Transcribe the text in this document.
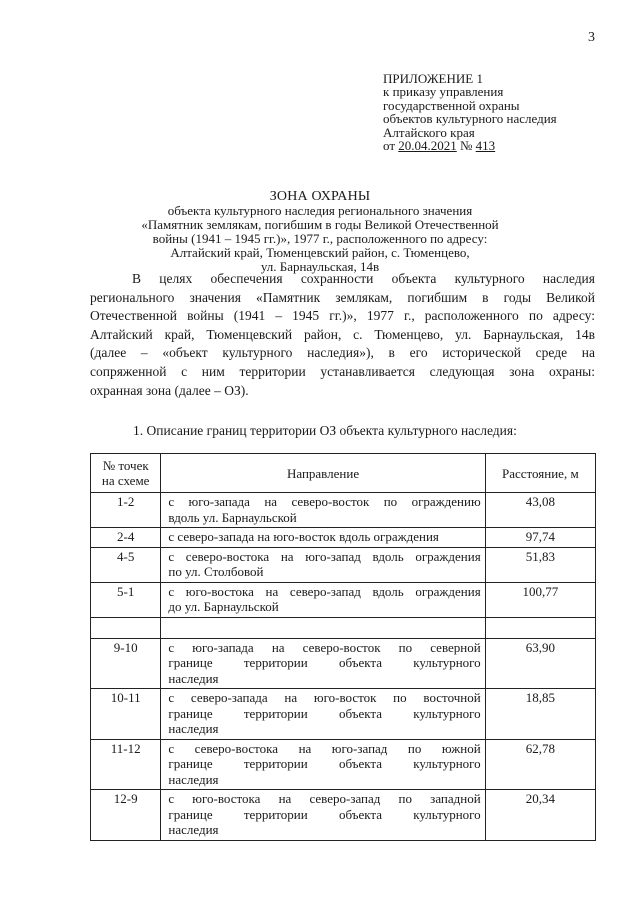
3
ПРИЛОЖЕНИЕ 1
к приказу управления
государственной охраны
объектов культурного наследия
Алтайского края
от 20.04.2021 № 413
ЗОНА ОХРАНЫ
объекта культурного наследия регионального значения
«Памятник землякам, погибшим в годы Великой Отечественной
войны (1941 – 1945 гг.)», 1977 г., расположенного по адресу:
Алтайский край, Тюменцевский район, с. Тюменцево,
ул. Барнаульская, 14в
В целях обеспечения сохранности объекта культурного наследия
регионального значения «Памятник землякам, погибшим в годы Великой
Отечественной войны (1941 – 1945 гг.)», 1977 г., расположенного по адресу:
Алтайский край, Тюменцевский район, с. Тюменцево, ул. Барнаульская, 14в
(далее – «объект культурного наследия»), в его исторической среде на
сопряженной с ним территории устанавливается следующая зона охраны:
охранная зона (далее – ОЗ).
1. Описание границ территории ОЗ объекта культурного наследия:
№ точек
на схеме	Направление	Расстояние, м
1-2	с юго-запада на северо-восток по ограждению
вдоль ул. Барнаульской	43,08
2-4	с северо-запада на юго-восток вдоль ограждения	97,74
4-5	с северо-востока на юго-запад вдоль ограждения
по ул. Столбовой	51,83
5-1	с юго-востока на северо-запад вдоль ограждения
до ул. Барнаульской	100,77

9-10	с юго-запада на северо-восток по северной
границе территории объекта культурного
наследия	63,90
10-11	с северо-запада на юго-восток по восточной
границе территории объекта культурного
наследия	18,85
11-12	с северо-востока на юго-запад по южной
границе территории объекта культурного
наследия	62,78
12-9	с юго-востока на северо-запад по западной
границе территории объекта культурного
наследия	20,34
